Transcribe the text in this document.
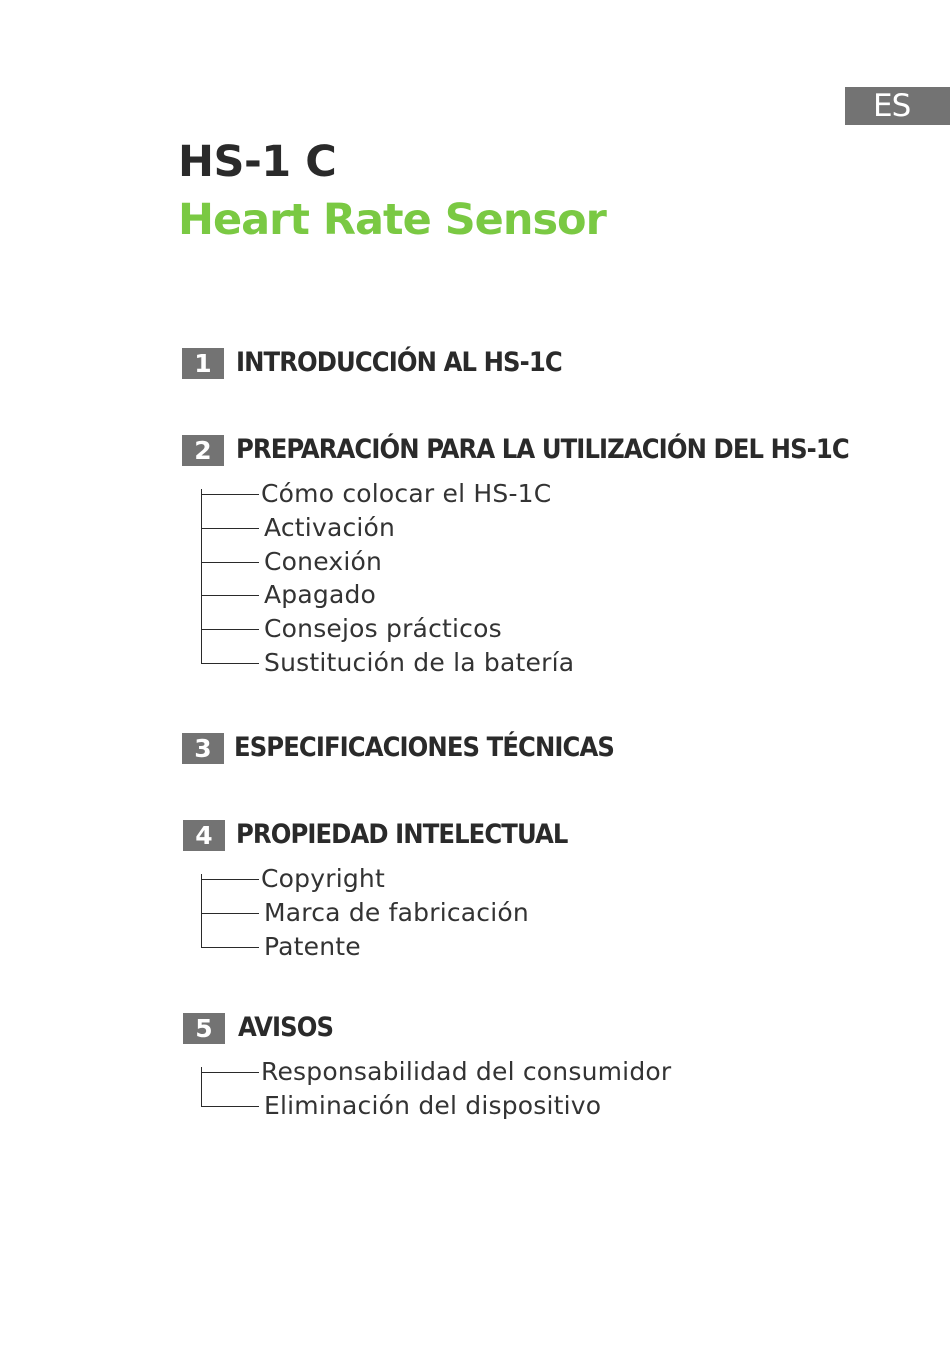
ES
HS-1 C
Heart Rate Sensor
1 INTRODUCCIÓN AL HS-1C
2 PREPARACIÓN PARA LA UTILIZACIÓN DEL HS-1C
Cómo colocar el HS-1C
Activación
Conexión
Apagado
Consejos prácticos
Sustitución de la batería
3 ESPECIFICACIONES TÉCNICAS
4 PROPIEDAD INTELECTUAL
Copyright
Marca de fabricación
Patente
5 AVISOS
Responsabilidad del consumidor
Eliminación del dispositivo
